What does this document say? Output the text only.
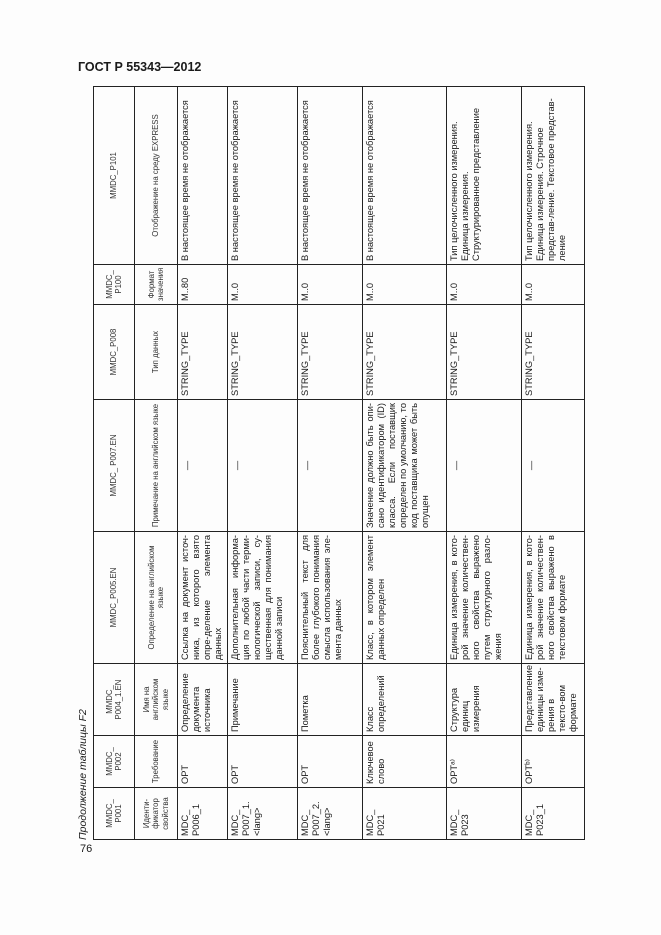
ГОСТ Р 55343—2012
Продолжение таблицы F2 MMDC_ P001	MMDC_ P002	MMDC_ P004_1.EN	MMDC_P005.EN	MMDC_ P007.EN	MMDC_P008	MMDC_ P100	MMDC_P101
Иденти-фикатор свойства	Требование	Имя на английском языке	Определение на английском языке	Примечание на английском языке	Тип данных	Формат значения	Отображение на среду EXPRESS
MDC_ P006_1	OPT	Определение документа источника	Ссылка на документ источ-ника, из которого взято опре-деление элемента данных	—	STRING_TYPE	M..80	В настоящее время не отображается
MDC_ P007_1. <lang>	OPT	Примечание	Дополнительная информа-ция по любой части терми-нологической записи, су-щественная для понимания данной записи	—	STRING_TYPE	M..0	В настоящее время не отображается
MDC_ P007_2. <lang>	OPT	Пометка	Пояснительный текст для более глубокого понимания смысла использования эле-мента данных	—	STRING_TYPE	M..0	В настоящее время не отображается
MDC_ P021	Ключевое слово	Класс определений	Класс, в котором элемент данных определен	Значение должно быть опи-сано идентификатором (ID) класса. Если поставщик определен по умолчанию, то код поставщика может быть опущен	STRING_TYPE	M..0	В настоящее время не отображается
MDC_ P023	OPTᵃ⁾	Структура единиц измерения	Единица измерения, в кото-рой значение количествен-ного свойства выражено путем структурного разло-жения	—	STRING_TYPE	M..0	Тип целочисленного измерения. Единица измерения. Структурированное представление
MDC_ P023_1	OPTᵇ⁾	Представление единицы изме-рения в тексто-вом формате	Единица измерения, в кото-рой значение количествен-ного свойства выражено в текстовом формате	—	STRING_TYPE	M..0	Тип целочисленного измерения. Единица измерения. Строчное представ-ление. Текстовое представ-ление
76
